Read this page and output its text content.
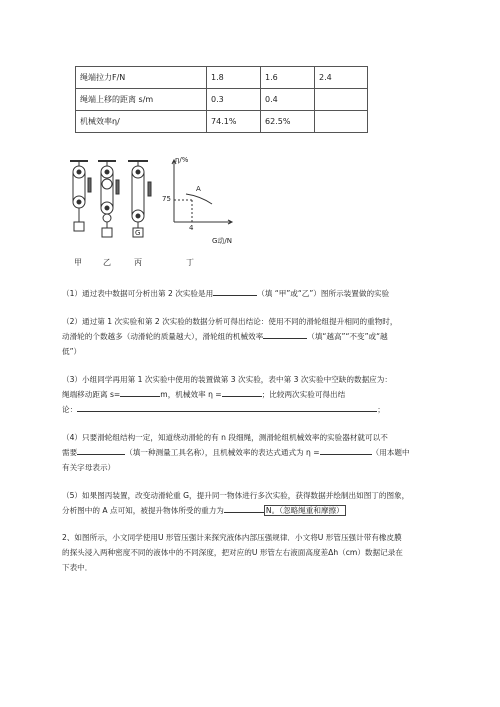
绳端拉力F/N	1.8	1.6	2.4
绳端上移的距离 s/m	0.3	0.4	
机械效率η/	74.1%	62.5%	
G
甲	乙	丙	丁
η/%
75
4
G动/N
A
（1）通过表中数据可分析出第 2 次实验是用	（填 “甲”或“乙”）图所示装置做的实验
（2）通过第 1 次实验和第 2 次实验的数据分析可得出结论：使用不同的滑轮组提升相同的重物时，
动滑轮的个数越多（动滑轮的质量越大），滑轮组的机械效率	（填“越高”“不变”或“越
低”）
（3）小组同学再用第 1 次实验中使用的装置做第 3 次实验，表中第 3 次实验中空缺的数据应为：
绳端移动距离 s=	m，机械效率 η =	；比较两次实验可得出结
论：	；
（4）只要滑轮组结构一定，知道绕动滑轮的有 n 段细绳，测滑轮组机械效率的实验器材就可以不
需要	（填一种测量工具名称），且机械效率的表达式通式为 η =	（用本题中
有关字母表示）
（5）如果图丙装置，改变动滑轮重 G，提升同一物体进行多次实验，获得数据并绘制出如图丁的图象，
分析图中的 A 点可知，被提升物体所受的重力为	N。（忽略绳重和摩擦）
2、如图所示，小文同学使用U 形管压强计来探究液体内部压强规律．小文将U 形管压强计带有橡皮膜
的探头浸入两种密度不同的液体中的不同深度，把对应的U 形管左右液面高度差Δh（cm）数据记录在
下表中．
